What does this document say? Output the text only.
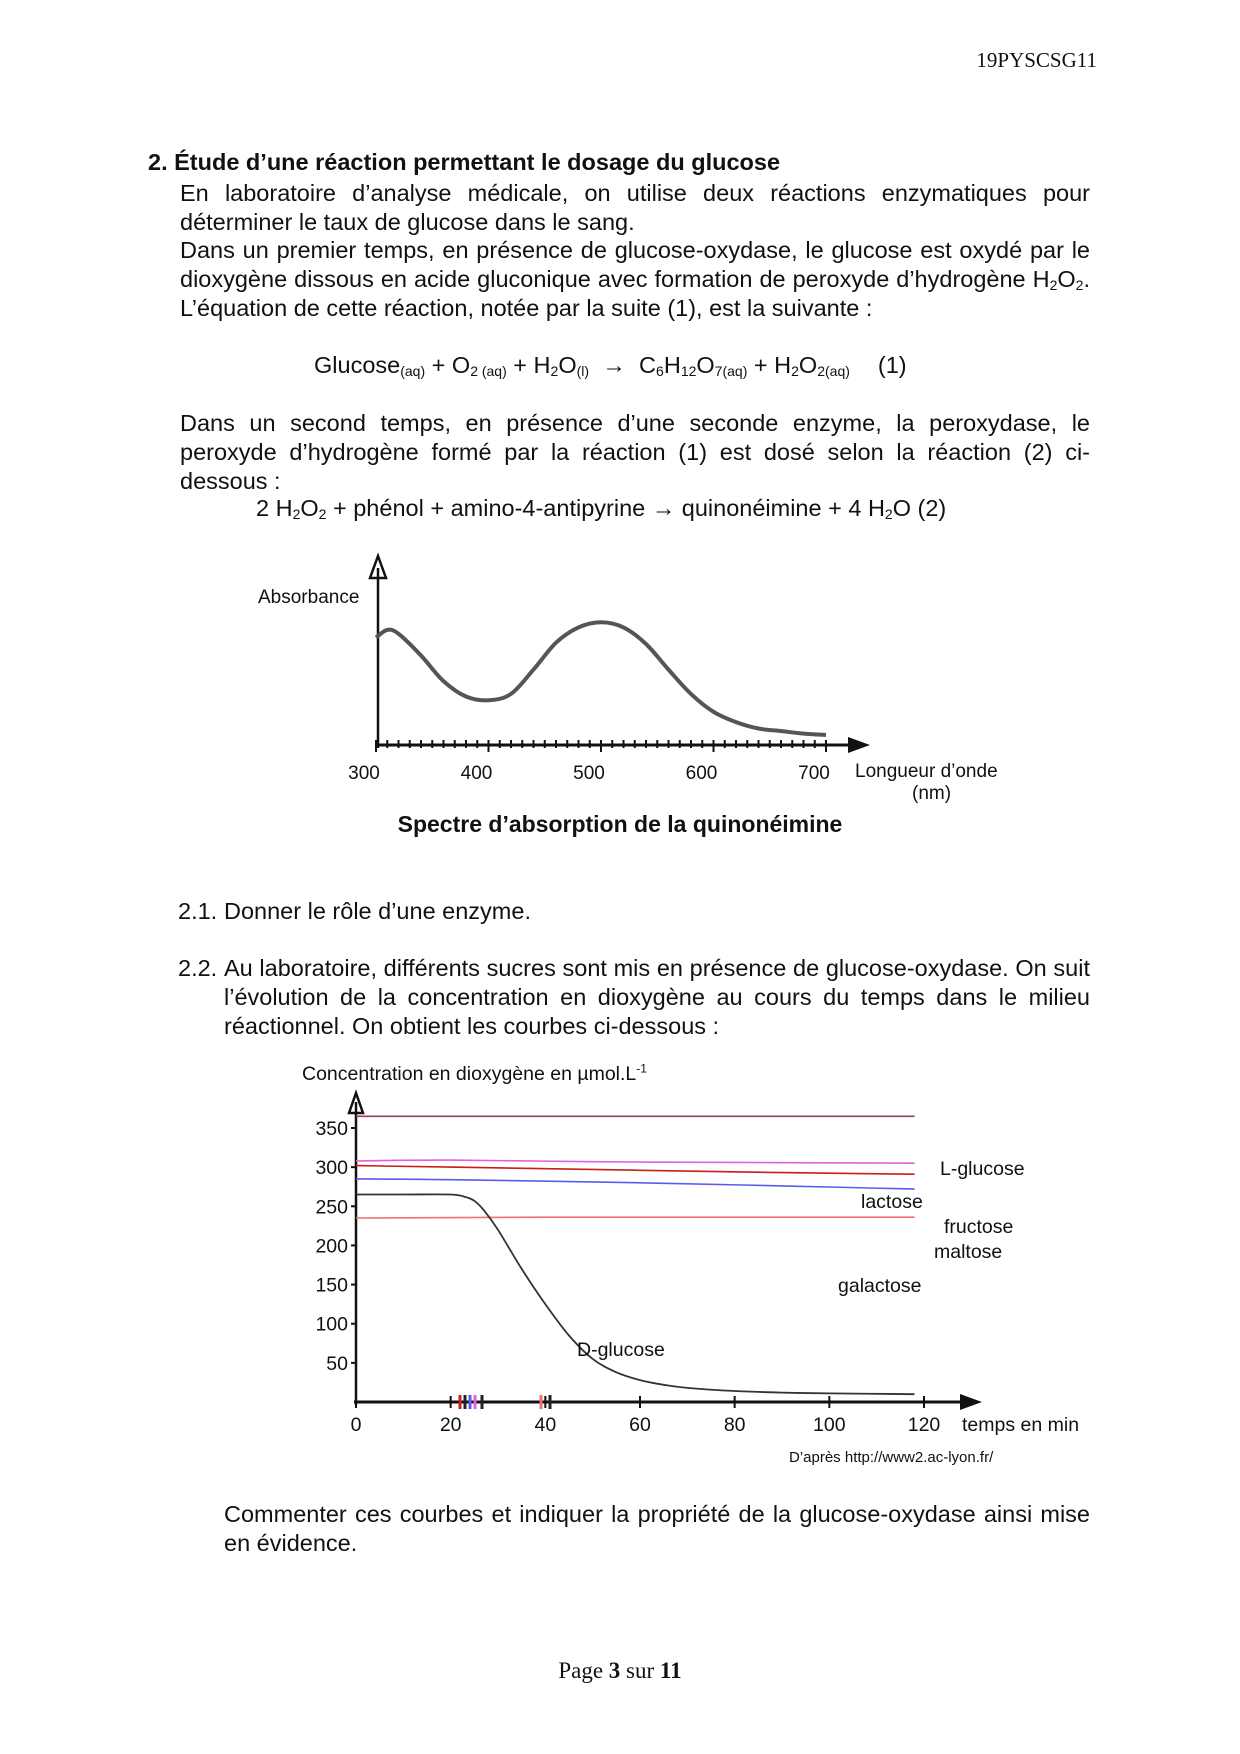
19PYSCSG11
2. Étude d’une réaction permettant le dosage du glucose
En laboratoire d’analyse médicale, on utilise deux réactions enzymatiques pour déterminer le taux de glucose dans le sang.
Dans un premier temps, en présence de glucose-oxydase, le glucose est oxydé par le dioxygène dissous en acide gluconique avec formation de peroxyde d’hydrogène $H_2O_2$. L’équation de cette réaction, notée par la suite (1), est la suivante :
$Glucose_{(aq)} + O_{2 (aq)} + H_2O_{(l)} \to C_6H_{12}O_{7(aq)} + H_2O_{2(aq)}$ (1)
Dans un second temps, en présence d’une seconde enzyme, la peroxydase, le peroxyde d’hydrogène formé par la réaction (1) est dosé selon la réaction (2) ci-dessous :
2 $H_2O_2$ + phénol + amino-4-antipyrine → quinonéimine + 4 $H_2O$ (2)
Absorbance
Longueur d’onde
(nm)
300	400	500	600	700
Spectre d’absorption de la quinonéimine
2.1. Donner le rôle d’une enzyme.
2.2. Au laboratoire, différents sucres sont mis en présence de glucose-oxydase. On suit l’évolution de la concentration en dioxygène au cours du temps dans le milieu réactionnel. On obtient les courbes ci-dessous :
Concentration en dioxygène en $\mu mol.L^{-1}$
50
100
150
200
250
300
350
0	20	40	60	80	100	120
L-glucose
lactose
fructose
maltose
galactose
D-glucose
temps en min
D’après http://www2.ac-lyon.fr/
Commenter ces courbes et indiquer la propriété de la glucose-oxydase ainsi mise en évidence.
Page 3 sur 11
